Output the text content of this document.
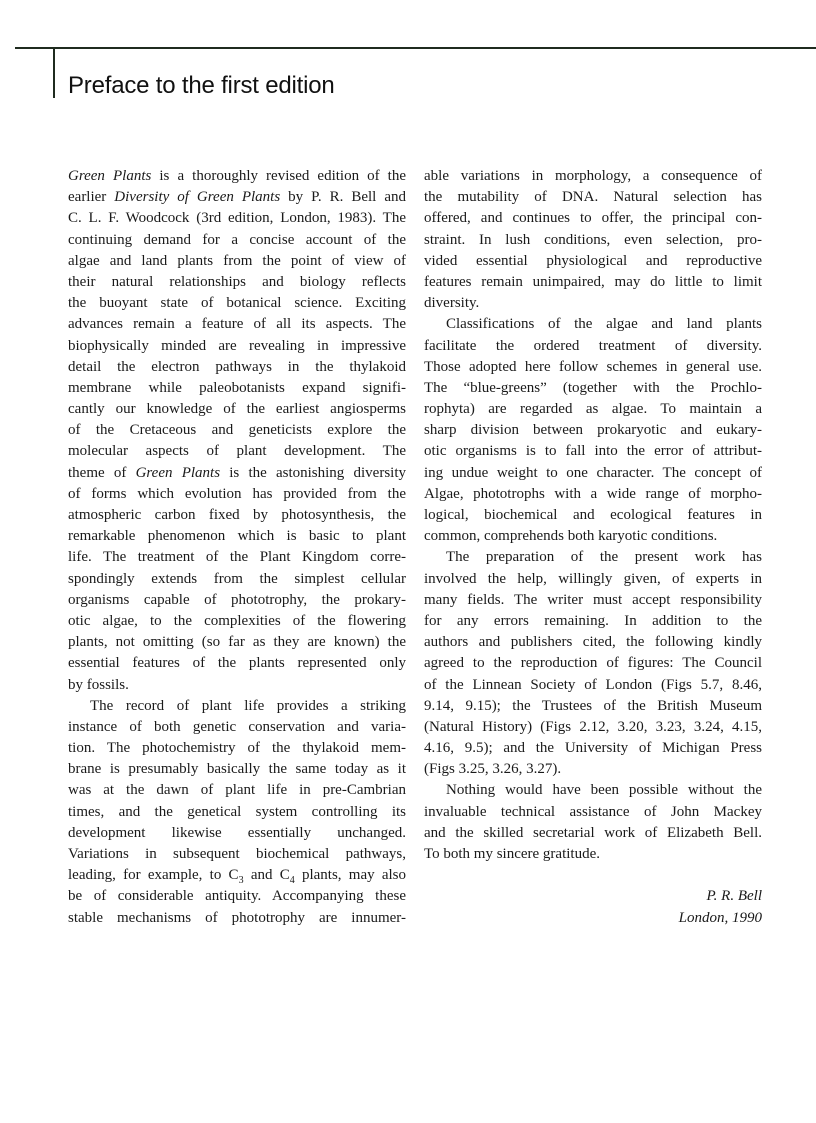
Preface to the first edition
Green Plants is a thoroughly revised edition of the
earlier Diversity of Green Plants by P. R. Bell and
C. L. F. Woodcock (3rd edition, London, 1983). The
continuing demand for a concise account of the
algae and land plants from the point of view of
their natural relationships and biology reflects
the buoyant state of botanical science. Exciting
advances remain a feature of all its aspects. The
biophysically minded are revealing in impressive
detail the electron pathways in the thylakoid
membrane while paleobotanists expand signifi-
cantly our knowledge of the earliest angiosperms
of the Cretaceous and geneticists explore the
molecular aspects of plant development. The
theme of Green Plants is the astonishing diversity
of forms which evolution has provided from the
atmospheric carbon fixed by photosynthesis, the
remarkable phenomenon which is basic to plant
life. The treatment of the Plant Kingdom corre-
spondingly extends from the simplest cellular
organisms capable of phototrophy, the prokary-
otic algae, to the complexities of the flowering
plants, not omitting (so far as they are known) the
essential features of the plants represented only
by fossils.
The record of plant life provides a striking
instance of both genetic conservation and varia-
tion. The photochemistry of the thylakoid mem-
brane is presumably basically the same today as it
was at the dawn of plant life in pre-Cambrian
times, and the genetical system controlling its
development likewise essentially unchanged.
Variations in subsequent biochemical pathways,
leading, for example, to $C_3$ and $C_4$ plants, may also
be of considerable antiquity. Accompanying these
stable mechanisms of phototrophy are innumer-
able variations in morphology, a consequence of
the mutability of DNA. Natural selection has
offered, and continues to offer, the principal con-
straint. In lush conditions, even selection, pro-
vided essential physiological and reproductive
features remain unimpaired, may do little to limit
diversity.
Classifications of the algae and land plants
facilitate the ordered treatment of diversity.
Those adopted here follow schemes in general use.
The “blue-greens” (together with the Prochlo-
rophyta) are regarded as algae. To maintain a
sharp division between prokaryotic and eukary-
otic organisms is to fall into the error of attribut-
ing undue weight to one character. The concept of
Algae, phototrophs with a wide range of morpho-
logical, biochemical and ecological features in
common, comprehends both karyotic conditions.
The preparation of the present work has
involved the help, willingly given, of experts in
many fields. The writer must accept responsibility
for any errors remaining. In addition to the
authors and publishers cited, the following kindly
agreed to the reproduction of figures: The Council
of the Linnean Society of London (Figs 5.7, 8.46,
9.14, 9.15); the Trustees of the British Museum
(Natural History) (Figs 2.12, 3.20, 3.23, 3.24, 4.15,
4.16, 9.5); and the University of Michigan Press
(Figs 3.25, 3.26, 3.27).
Nothing would have been possible without the
invaluable technical assistance of John Mackey
and the skilled secretarial work of Elizabeth Bell.
To both my sincere gratitude.
P. R. Bell
London, 1990
